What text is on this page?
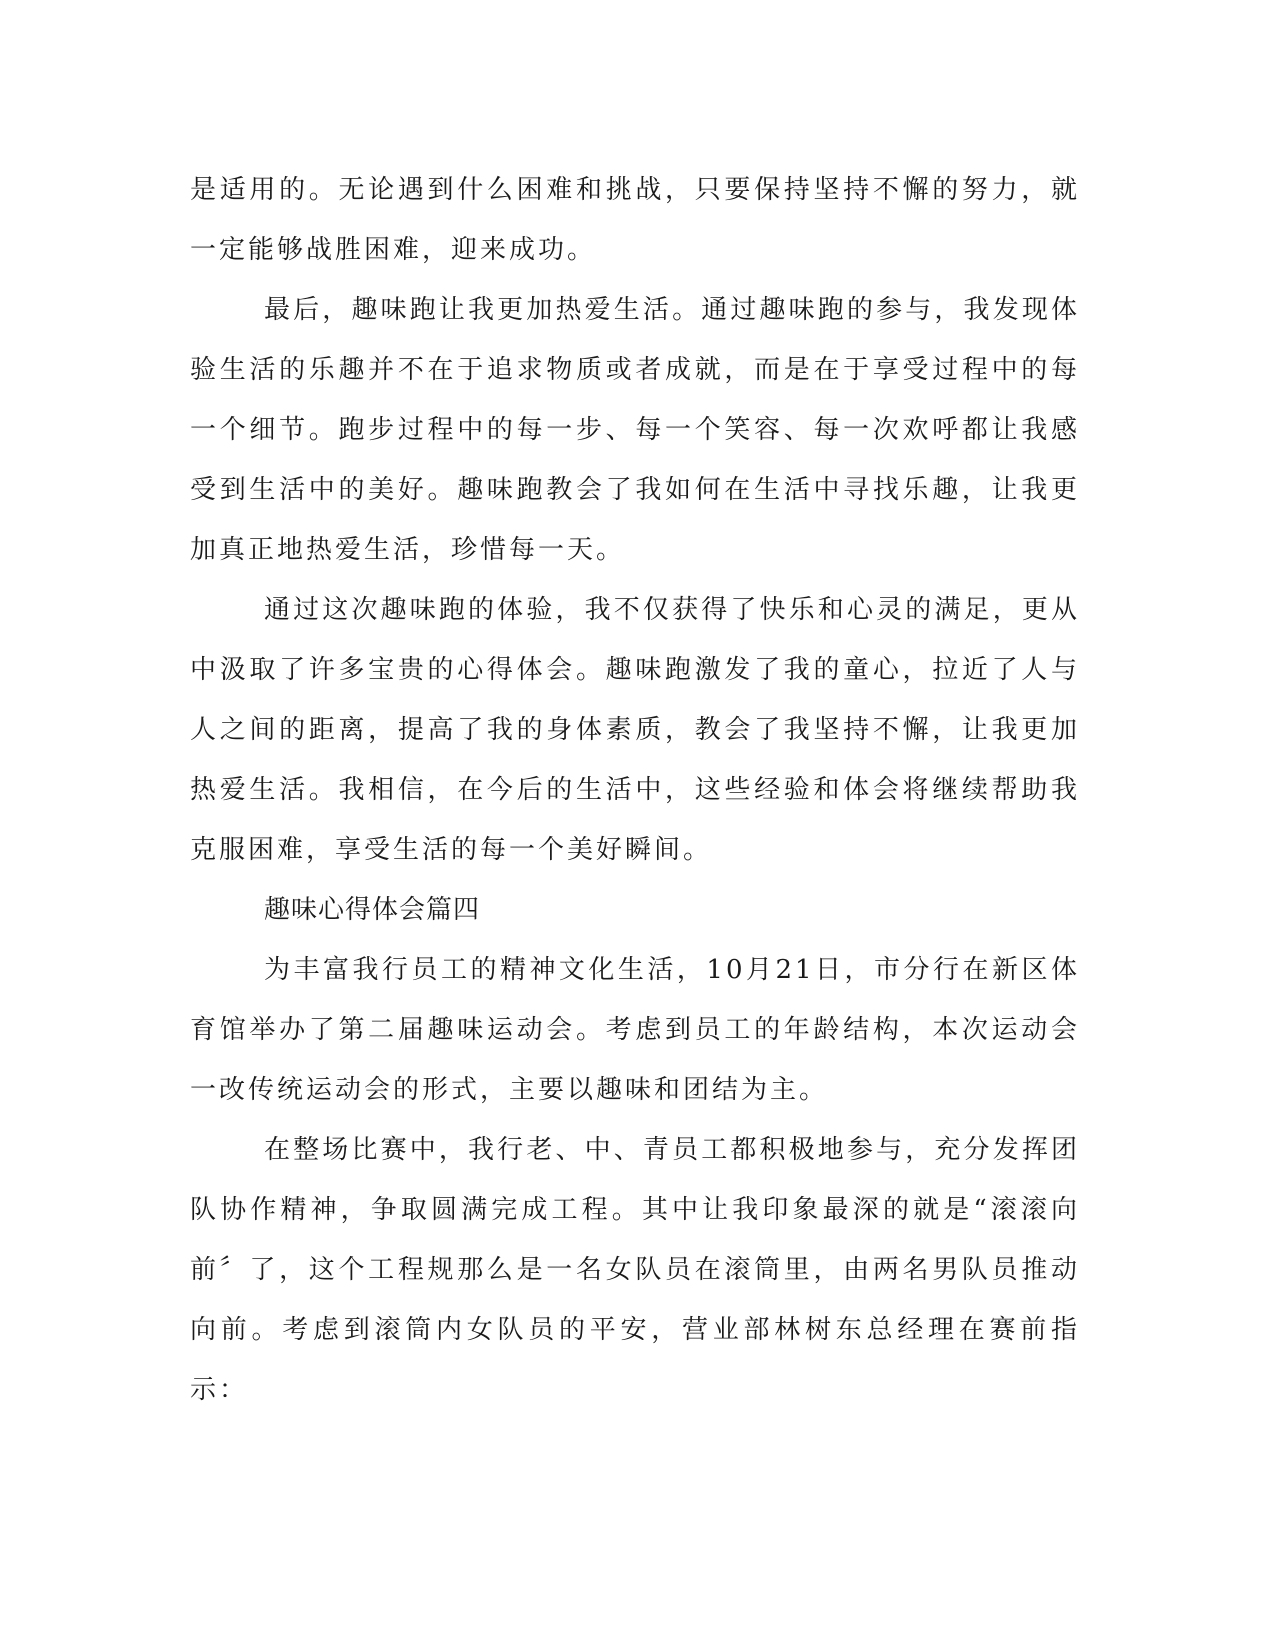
是适用的。无论遇到什么困难和挑战，只要保持坚持不懈的努力，就一定能够战胜困难，迎来成功。

最后，趣味跑让我更加热爱生活。通过趣味跑的参与，我发现体验生活的乐趣并不在于追求物质或者成就，而是在于享受过程中的每一个细节。跑步过程中的每一步、每一个笑容、每一次欢呼都让我感受到生活中的美好。趣味跑教会了我如何在生活中寻找乐趣，让我更加真正地热爱生活，珍惜每一天。

通过这次趣味跑的体验，我不仅获得了快乐和心灵的满足，更从中汲取了许多宝贵的心得体会。趣味跑激发了我的童心，拉近了人与人之间的距离，提高了我的身体素质，教会了我坚持不懈，让我更加热爱生活。我相信，在今后的生活中，这些经验和体会将继续帮助我克服困难，享受生活的每一个美好瞬间。

趣味心得体会篇四

为丰富我行员工的精神文化生活，10月21日，市分行在新区体育馆举办了第二届趣味运动会。考虑到员工的年龄结构，本次运动会一改传统运动会的形式，主要以趣味和团结为主。

在整场比赛中，我行老、中、青员工都积极地参与，充分发挥团队协作精神，争取圆满完成工程。其中让我印象最深的就是“滚滚向前〞了，这个工程规那么是一名女队员在滚筒里，由两名男队员推动向前。考虑到滚筒内女队员的平安，营业部林树东总经理在赛前指示：
